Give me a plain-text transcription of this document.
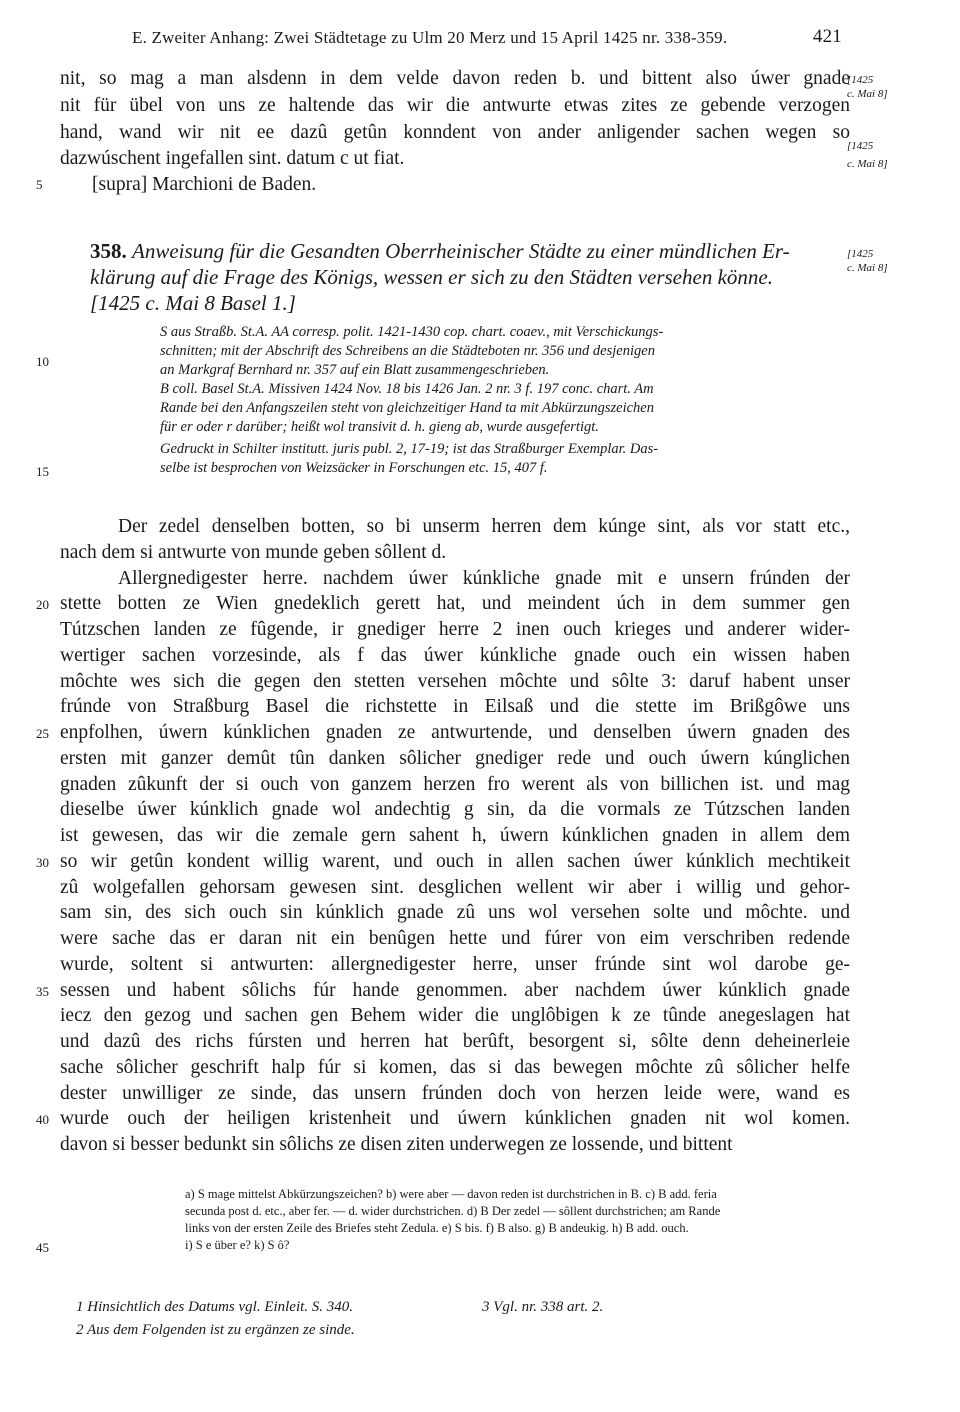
E. Zweiter Anhang: Zwei Städtetage zu Ulm 20 Merz und 15 April 1425 nr. 338-359.	421
nit, so mag a man alsdenn in dem velde davon reden b. und bittent also úwer gnade
nit für übel von uns ze haltende das wir die antwurte etwas zites ze gebende verzogen
hand, wand wir nit ee dazû getûn konndent von ander anligender sachen wegen so
dazwúschent ingefallen sint. datum c ut fiat.
[supra] Marchioni de Baden.
[1425
c. Mai 8]
[1425
c. Mai 8]
[1425
c. Mai 8]
358. Anweisung für die Gesandten Oberrheinischer Städte zu einer mündlichen Er-
klärung auf die Frage des Königs, wessen er sich zu den Städten versehen könne.
[1425 c. Mai 8 Basel 1.]
S aus Straßb. St.A. AA corresp. polit. 1421-1430 cop. chart. coaev., mit Verschickungs-
schnitten; mit der Abschrift des Schreibens an die Städteboten nr. 356 und desjenigen
an Markgraf Bernhard nr. 357 auf ein Blatt zusammengeschrieben.
B coll. Basel St.A. Missiven 1424 Nov. 18 bis 1426 Jan. 2 nr. 3 f. 197 conc. chart. Am
Rande bei den Anfangszeilen steht von gleichzeitiger Hand ta mit Abkürzungszeichen
für er oder r darüber; heißt wol transivit d. h. gieng ab, wurde ausgefertigt.
Gedruckt in Schilter institutt. juris publ. 2, 17-19; ist das Straßburger Exemplar. Das-
selbe ist besprochen von Weizsäcker in Forschungen etc. 15, 407 f.
Der zedel denselben botten, so bi unserm herren dem kúnge sint, als vor statt etc.,
nach dem si antwurte von munde geben sôllent d.
Allergnedigester herre. nachdem úwer kúnkliche gnade mit e unsern frúnden der
stette botten ze Wien gnedeklich gerett hat, und meindent úch in dem summer gen
Tútzschen landen ze fûgende, ir gnediger herre 2 inen ouch krieges und anderer wider-
wertiger sachen vorzesinde, als f das úwer kúnkliche gnade ouch ein wissen haben
môchte wes sich die gegen den stetten versehen môchte und sôlte 3: daruf habent unser
frúnde von Straßburg Basel die richstette in Eilsaß und die stette im Brißgôwe uns
enpfolhen, úwern kúnklichen gnaden ze antwurtende, und denselben úwern gnaden des
ersten mit ganzer demût tûn danken sôlicher gnediger rede und ouch úwern kúnglichen
gnaden zûkunft der si ouch von ganzem herzen fro werent als von billichen ist. und mag
dieselbe úwer kúnklich gnade wol andechtig g sin, da die vormals ze Tútzschen landen
ist gewesen, das wir die zemale gern sahent h, úwern kúnklichen gnaden in allem dem
so wir getûn kondent willig warent, und ouch in allen sachen úwer kúnklich mechtikeit
zû wolgefallen gehorsam gewesen sint. desglichen wellent wir aber i willig und gehor-
sam sin, des sich ouch sin kúnklich gnade zû uns wol versehen solte und môchte. und
were sache das er daran nit ein benûgen hette und fúrer von eim verschriben redende
wurde, soltent si antwurten: allergnedigester herre, unser frúnde sint wol darobe ge-
sessen und habent sôlichs fúr hande genommen. aber nachdem úwer kúnklich gnade
iecz den gezog und sachen gen Behem wider die unglôbigen k ze tûnde anegeslagen hat
und dazû des richs fúrsten und herren hat berûft, besorgent si, sôlte denn deheinerleie
sache sôlicher geschrift halp fúr si komen, das si das bewegen môchte zû sôlicher helfe
dester unwilliger ze sinde, das unsern frúnden doch von herzen leide were, wand es
wurde ouch der heiligen kristenheit und úwern kúnklichen gnaden nit wol komen.
davon si besser bedunkt sin sôlichs ze disen ziten underwegen ze lossende, und bittent
5
10
15
20
25
30
35
40
45
a) S mage mittelst Abkürzungszeichen? b) were aber — davon reden ist durchstrichen in B. c) B add. feria
secunda post d. etc., aber fer. — d. wider durchstrichen. d) B Der zedel — sôllent durchstrichen; am Rande
links von der ersten Zeile des Briefes steht Zedula. e) S bis. f) B also. g) B andeukig. h) B add. ouch.
i) S e über e? k) S ô?
1 Hinsichtlich des Datums vgl. Einleit. S. 340.
2 Aus dem Folgenden ist zu ergänzen ze sinde.
3 Vgl. nr. 338 art. 2.
